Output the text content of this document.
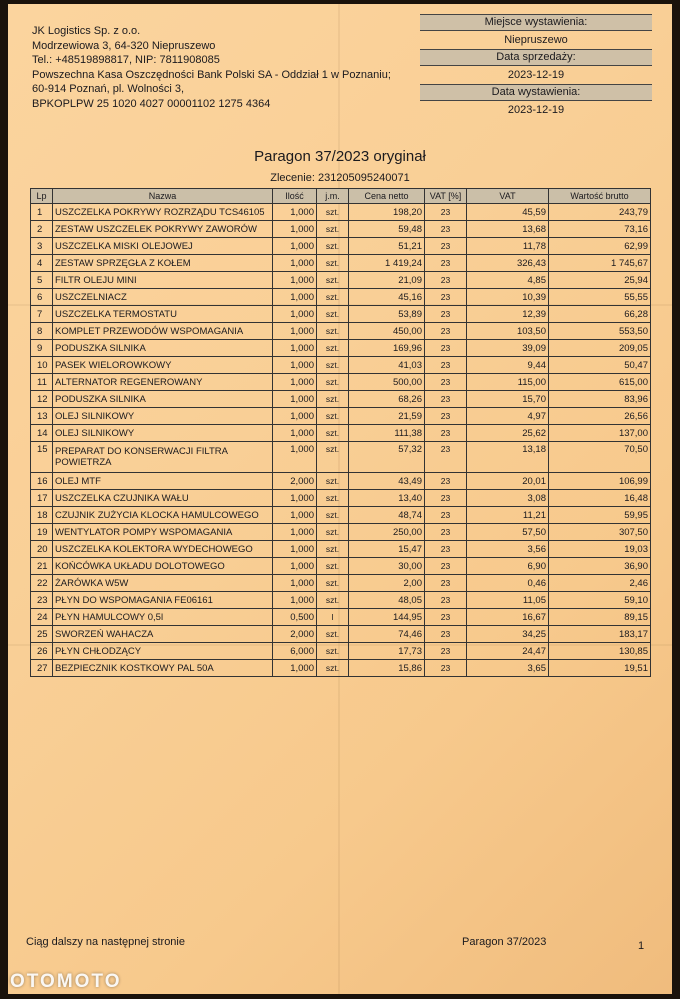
JK Logistics Sp. z o.o.
Modrzewiowa 3, 64-320 Niepruszewo
Tel.: +48519898817, NIP: 7811908085
Powszechna Kasa Oszczędności Bank Polski SA - Oddział 1 w Poznaniu;
60-914 Poznań, pl. Wolności 3,
BPKOPLPW 25 1020 4027 00001102 1275 4364
Miejsce wystawienia:
Niepruszewo
Data sprzedaży:
2023-12-19
Data wystawienia:
2023-12-19
Paragon 37/2023 oryginał
Zlecenie: 231205095240071
Lp	Nazwa	Ilość	j.m.	Cena netto	VAT [%]	VAT	Wartość brutto
1	USZCZELKA POKRYWY ROZRZĄDU TCS46105	1,000	szt.	198,20	23	45,59	243,79
2	ZESTAW USZCZELEK POKRYWY ZAWORÓW	1,000	szt.	59,48	23	13,68	73,16
3	USZCZELKA MISKI OLEJOWEJ	1,000	szt.	51,21	23	11,78	62,99
4	ZESTAW SPRZĘGŁA Z KOŁEM	1,000	szt.	1 419,24	23	326,43	1 745,67
5	FILTR OLEJU MINI	1,000	szt.	21,09	23	4,85	25,94
6	USZCZELNIACZ	1,000	szt.	45,16	23	10,39	55,55
7	USZCZELKA TERMOSTATU	1,000	szt.	53,89	23	12,39	66,28
8	KOMPLET PRZEWODÓW WSPOMAGANIA	1,000	szt.	450,00	23	103,50	553,50
9	PODUSZKA SILNIKA	1,000	szt.	169,96	23	39,09	209,05
10	PASEK WIELOROWKOWY	1,000	szt.	41,03	23	9,44	50,47
11	ALTERNATOR REGENEROWANY	1,000	szt.	500,00	23	115,00	615,00
12	PODUSZKA SILNIKA	1,000	szt.	68,26	23	15,70	83,96
13	OLEJ SILNIKOWY	1,000	szt.	21,59	23	4,97	26,56
14	OLEJ SILNIKOWY	1,000	szt.	111,38	23	25,62	137,00
15	PREPARAT DO KONSERWACJI FILTRA POWIETRZA	1,000	szt.	57,32	23	13,18	70,50
16	OLEJ MTF	2,000	szt.	43,49	23	20,01	106,99
17	USZCZELKA CZUJNIKA WAŁU	1,000	szt.	13,40	23	3,08	16,48
18	CZUJNIK ZUŻYCIA KLOCKA HAMULCOWEGO	1,000	szt.	48,74	23	11,21	59,95
19	WENTYLATOR POMPY WSPOMAGANIA	1,000	szt.	250,00	23	57,50	307,50
20	USZCZELKA KOLEKTORA WYDECHOWEGO	1,000	szt.	15,47	23	3,56	19,03
21	KOŃCÓWKA UKŁADU DOLOTOWEGO	1,000	szt.	30,00	23	6,90	36,90
22	ŻARÓWKA W5W	1,000	szt.	2,00	23	0,46	2,46
23	PŁYN DO WSPOMAGANIA FE06161	1,000	szt.	48,05	23	11,05	59,10
24	PŁYN HAMULCOWY 0,5l	0,500	l	144,95	23	16,67	89,15
25	SWORZEŃ WAHACZA	2,000	szt.	74,46	23	34,25	183,17
26	PŁYN CHŁODZĄCY	6,000	szt.	17,73	23	24,47	130,85
27	BEZPIECZNIK KOSTKOWY PAL 50A	1,000	szt.	15,86	23	3,65	19,51
Ciąg dalszy na następnej stronie	Paragon 37/2023	1
OTOMOTO
